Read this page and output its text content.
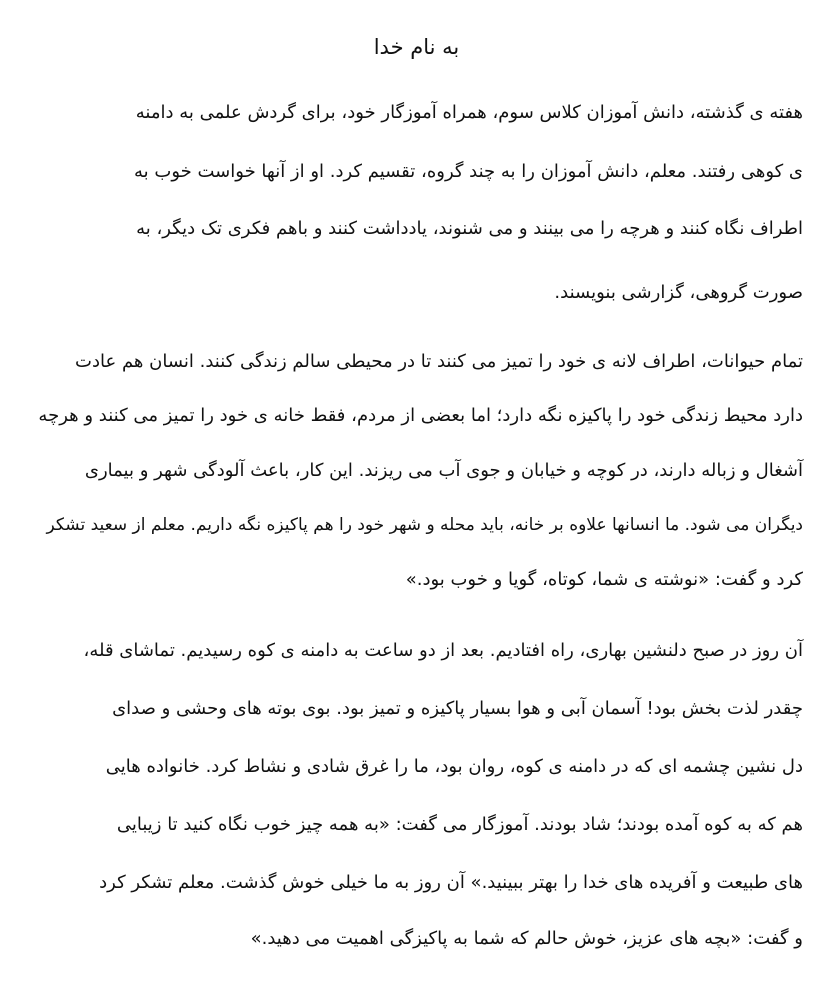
به نام خدا
هفته ی گذشته، دانش آموزان کلاس سوم، همراه آموزگار خود، برای گردش علمی به دامنه
ی کوهی رفتند. معلم، دانش آموزان را به چند گروه، تقسیم کرد. او از آنها خواست خوب به
اطراف نگاه کنند و هرچه را می بینند و می شنوند، یادداشت کنند و باهم فکری تک دیگر، به
صورت گروهی، گزارشی بنویسند.
تمام حیوانات، اطراف لانه ی خود را تمیز می کنند تا در محیطی سالم زندگی کنند. انسان هم عادت
دارد محیط زندگی خود را پاکیزه نگه دارد؛ اما بعضی از مردم، فقط خانه ی خود را تمیز می کنند و هرچه
آشغال و زباله دارند، در کوچه و خیابان و جوی آب می ریزند. این کار، باعث آلودگی شهر و بیماری
دیگران می شود. ما انسانها علاوه بر خانه، باید محله و شهر خود را هم پاکیزه نگه داریم. معلم از سعید تشکر
کرد و گفت: «نوشته ی شما، کوتاه، گویا و خوب بود.»
آن روز در صبح دلنشین بهاری، راه افتادیم. بعد از دو ساعت به دامنه ی کوه رسیدیم. تماشای قله،
چقدر لذت بخش بود! آسمان آبی و هوا بسیار پاکیزه و تمیز بود. بوی بوته های وحشی و صدای
دل نشین چشمه ای که در دامنه ی کوه، روان بود، ما را غرق شادی و نشاط کرد. خانواده هایی
هم که به کوه آمده بودند؛ شاد بودند. آموزگار می گفت: «به همه چیز خوب نگاه کنید تا زیبایی
های طبیعت و آفریده های خدا را بهتر ببینید.» آن روز به ما خیلی خوش گذشت. معلم تشکر کرد
و گفت: «بچه های عزیز، خوش حالم که شما به پاکیزگی اهمیت می دهید.»
